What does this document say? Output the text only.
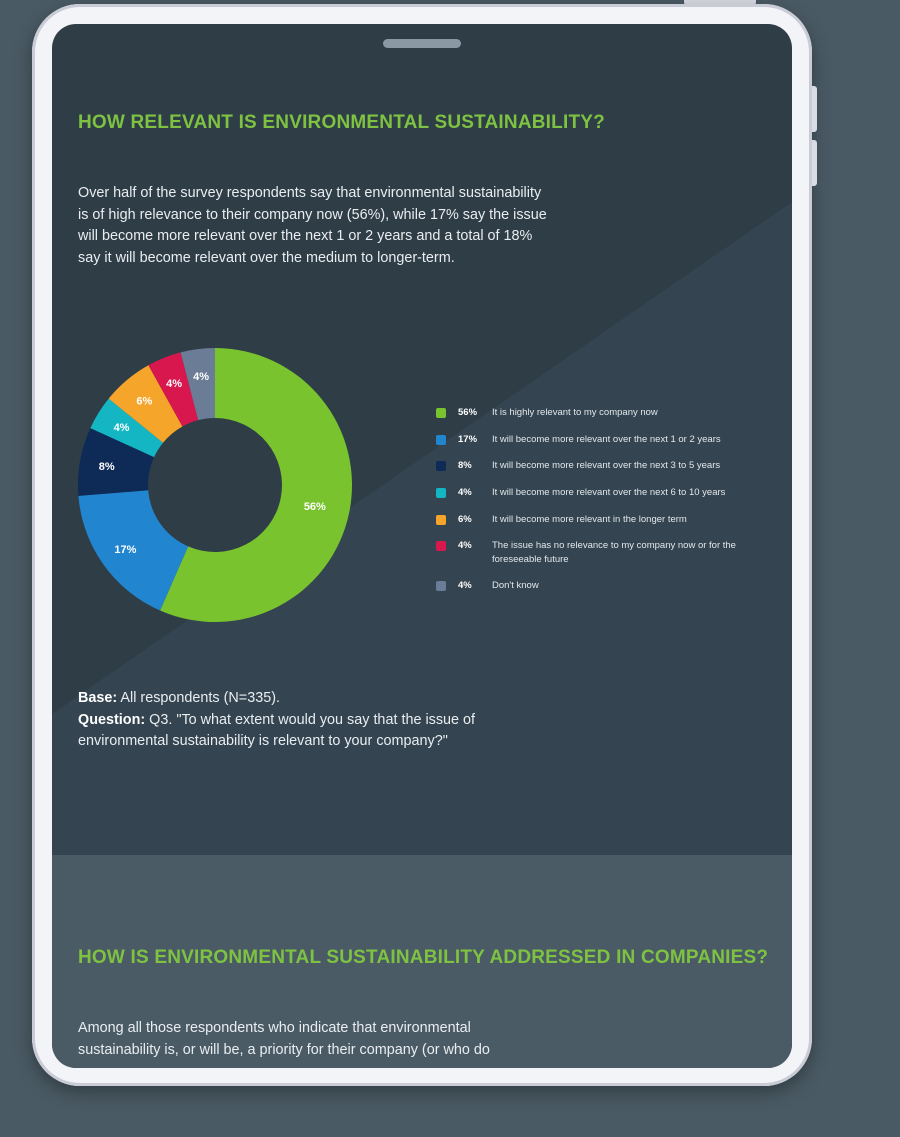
HOW RELEVANT IS ENVIRONMENTAL SUSTAINABILITY?

Over half of the survey respondents say that environmental sustainability is of high relevance to their company now (56%), while 17% say the issue will become more relevant over the next 1 or 2 years and a total of 18% say it will become relevant over the medium to longer-term.

56%
17%
8%
4%
6%
4%
4%
56%	It is highly relevant to my company now
17%	It will become more relevant over the next 1 or 2 years
8%	It will become more relevant over the next 3 to 5 years
4%	It will become more relevant over the next 6 to 10 years
6%	It will become more relevant in the longer term
4%	The issue has no relevance to my company now or for the foreseeable future
4%	Don't know
Base: All respondents (N=335).
Question: Q3. "To what extent would you say that the issue of environmental sustainability is relevant to your company?"
HOW IS ENVIRONMENTAL SUSTAINABILITY ADDRESSED IN COMPANIES?

Among all those respondents who indicate that environmental sustainability is, or will be, a priority for their company (or who do
